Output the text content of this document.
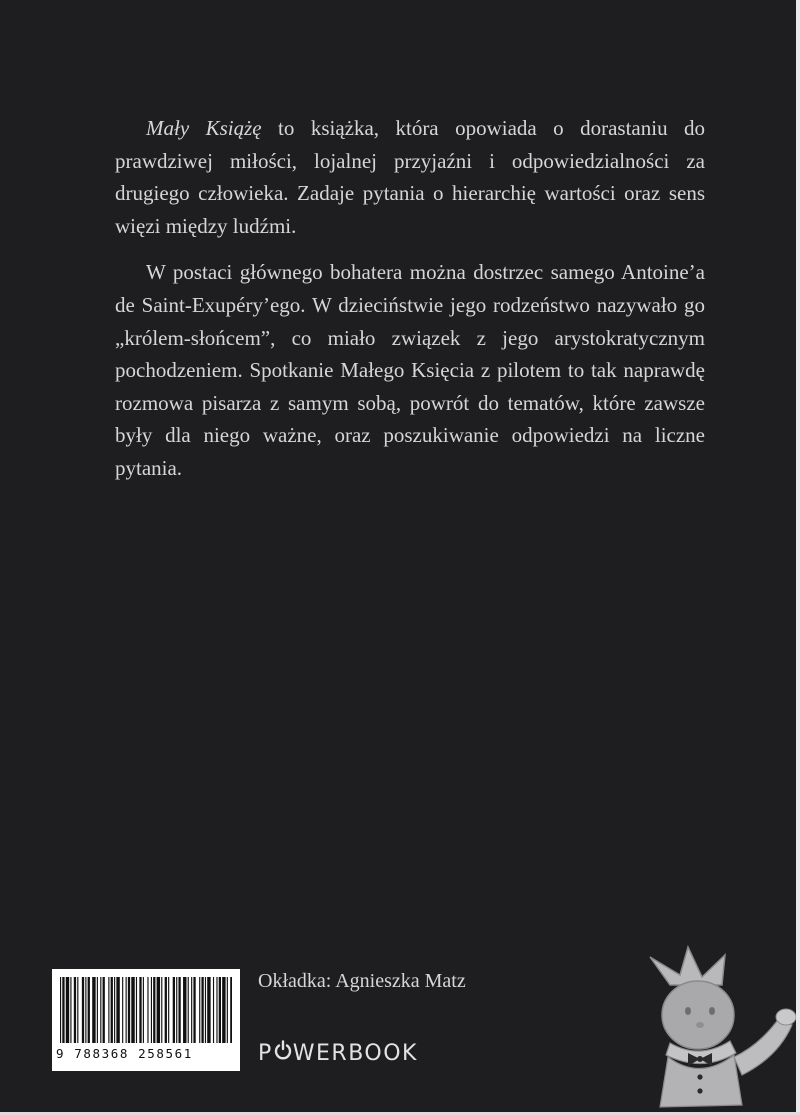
Mały Książę to książka, która opowiada o dorastaniu do prawdziwej miłości, lojalnej przyjaźni i odpowiedzialności za drugiego człowieka. Zadaje pytania o hierarchię wartości oraz sens więzi między ludźmi.

W postaci głównego bohatera można dostrzec samego Antoine’a de Saint-Exupéry’ego. W dzieciństwie jego rodzeństwo nazywało go „królem-słońcem”, co miało związek z jego arystokratycznym pochodzeniem. Spotkanie Małego Księcia z pilotem to tak naprawdę rozmowa pisarza z samym sobą, powrót do tematów, które zawsze były dla niego ważne, oraz poszukiwanie odpowiedzi na liczne pytania.

9 788368 258561
Okładka: Agnieszka Matz
P WERBOOK
